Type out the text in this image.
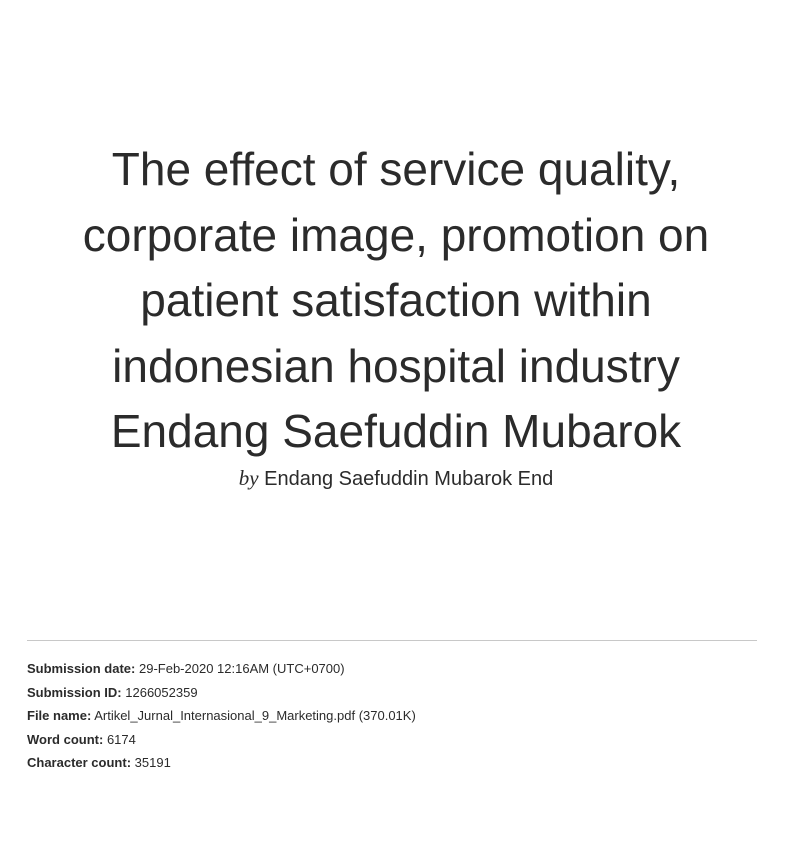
The effect of service quality,
corporate image, promotion on
patient satisfaction within
indonesian hospital industry
Endang Saefuddin Mubarok
by Endang Saefuddin Mubarok End
Submission date: 29-Feb-2020 12:16AM (UTC+0700)
Submission ID: 1266052359
File name: Artikel_Jurnal_Internasional_9_Marketing.pdf (370.01K)
Word count: 6174
Character count: 35191
